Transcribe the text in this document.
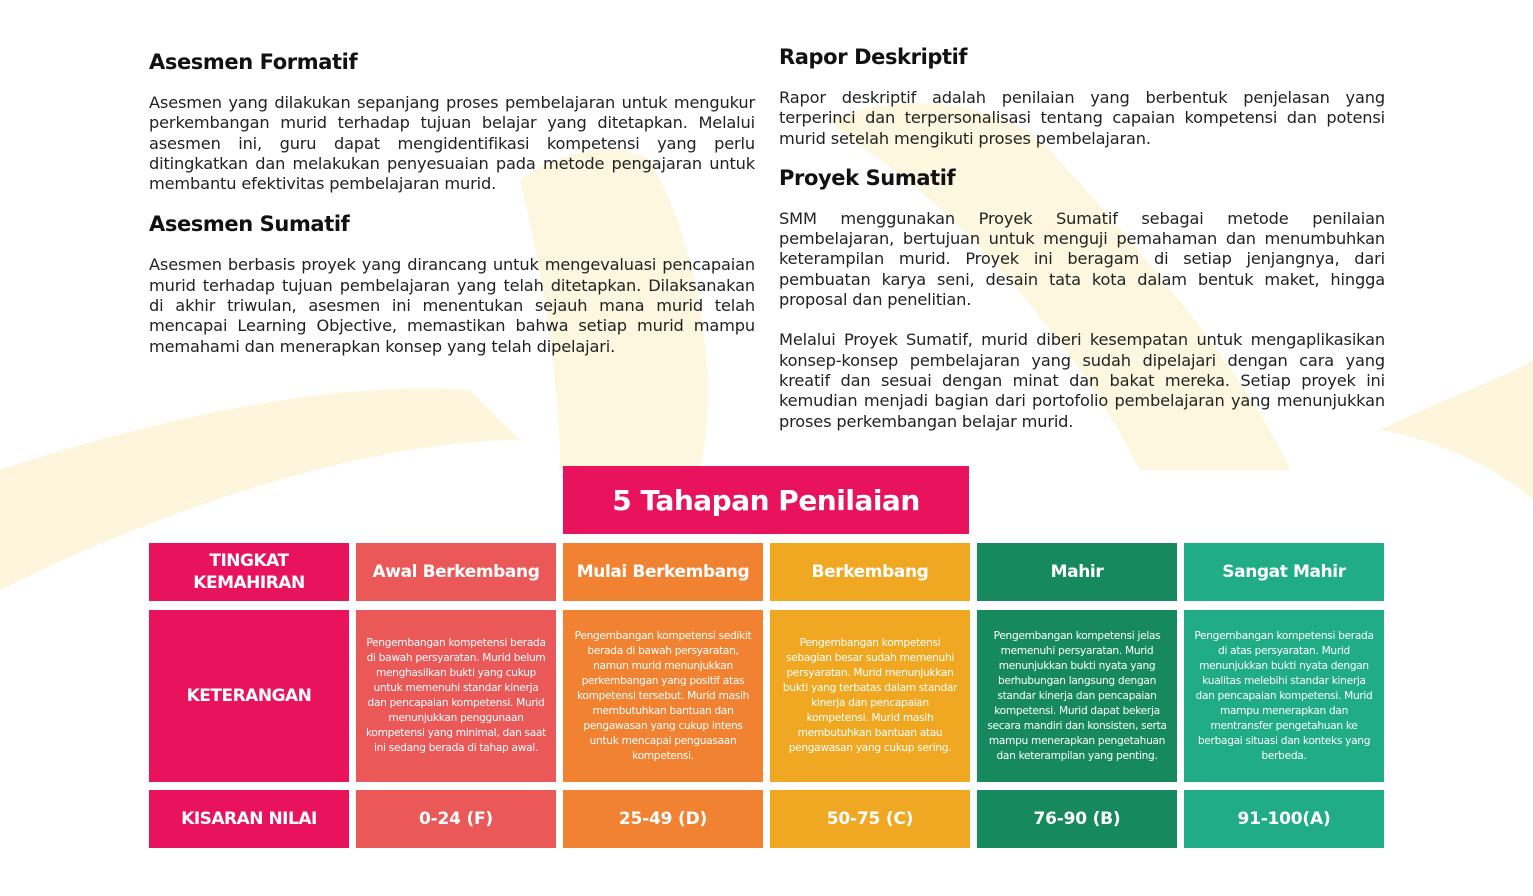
Asesmen Formatif

Asesmen yang dilakukan sepanjang proses pembelajaran untuk mengukur perkembangan murid terhadap tujuan belajar yang ditetapkan. Melalui asesmen ini, guru dapat mengidentifikasi kompetensi yang perlu ditingkatkan dan melakukan penyesuaian pada metode pengajaran untuk membantu efektivitas pembelajaran murid.

Asesmen Sumatif

Asesmen berbasis proyek yang dirancang untuk mengevaluasi pencapaian murid terhadap tujuan pembelajaran yang telah ditetapkan. Dilaksanakan di akhir triwulan, asesmen ini menentukan sejauh mana murid telah mencapai Learning Objective, memastikan bahwa setiap murid mampu memahami dan menerapkan konsep yang telah dipelajari.

Rapor Deskriptif

Rapor deskriptif adalah penilaian yang berbentuk penjelasan yang terperinci dan terpersonalisasi tentang capaian kompetensi dan potensi murid setelah mengikuti proses pembelajaran.

Proyek Sumatif

SMM menggunakan Proyek Sumatif sebagai metode penilaian pembelajaran, bertujuan untuk menguji pemahaman dan menumbuhkan keterampilan murid. Proyek ini beragam di setiap jenjangnya, dari pembuatan karya seni, desain tata kota dalam bentuk maket, hingga proposal dan penelitian.

Melalui Proyek Sumatif, murid diberi kesempatan untuk mengaplikasikan konsep-konsep pembelajaran yang sudah dipelajari dengan cara yang kreatif dan sesuai dengan minat dan bakat mereka. Setiap proyek ini kemudian menjadi bagian dari portofolio pembelajaran yang menunjukkan proses perkembangan belajar murid.

5 Tahapan Penilaian
TINGKAT KEMAHIRAN
KETERANGAN
KISARAN NILAI
Awal Berkembang
Pengembangan kompetensi berada di bawah persyaratan. Murid belum menghasilkan bukti yang cukup untuk memenuhi standar kinerja dan pencapaian kompetensi. Murid menunjukkan penggunaan kompetensi yang minimal, dan saat ini sedang berada di tahap awal.
0-24 (F)
Mulai Berkembang
Pengembangan kompetensi sedikit berada di bawah persyaratan, namun murid menunjukkan perkembangan yang positif atas kompetensi tersebut. Murid masih membutuhkan bantuan dan pengawasan yang cukup intens untuk mencapai penguasaan kompetensi.
25-49 (D)
Berkembang
Pengembangan kompetensi sebagian besar sudah memenuhi persyaratan. Murid menunjukkan bukti yang terbatas dalam standar kinerja dan pencapaian kompetensi. Murid masih membutuhkan bantuan atau pengawasan yang cukup sering.
50-75 (C)
Mahir
Pengembangan kompetensi jelas memenuhi persyaratan. Murid menunjukkan bukti nyata yang berhubungan langsung dengan standar kinerja dan pencapaian kompetensi. Murid dapat bekerja secara mandiri dan konsisten, serta mampu menerapkan pengetahuan dan keterampilan yang penting.
76-90 (B)
Sangat Mahir
Pengembangan kompetensi berada di atas persyaratan. Murid menunjukkan bukti nyata dengan kualitas melebihi standar kinerja dan pencapaian kompetensi. Murid mampu menerapkan dan mentransfer pengetahuan ke berbagai situasi dan konteks yang berbeda.
91-100(A)
